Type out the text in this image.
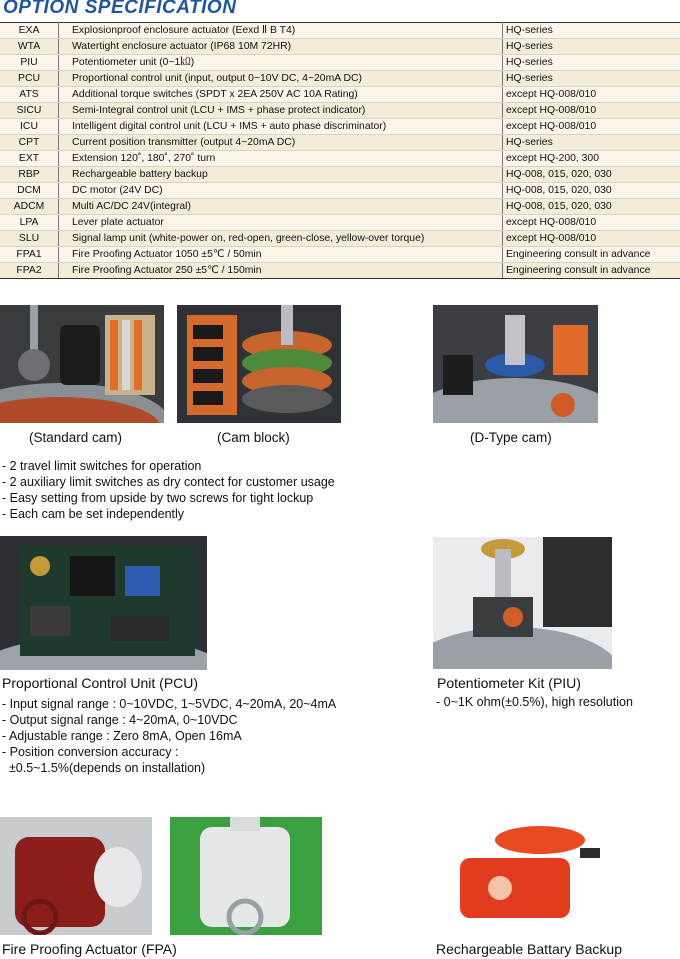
OPTION SPECIFICATION
EXA	Explosionproof enclosure actuator (Eexd Ⅱ B T4)	HQ-series
WTA	Watertight enclosure actuator (IP68 10M 72HR)	HQ-series
PIU	Potentiometer unit (0~1㏀)	HQ-series
PCU	Proportional control unit (input, output 0~10V DC, 4~20mA DC)	HQ-series
ATS	Additional torque switches (SPDT x 2EA 250V AC 10A Rating)	except HQ-008/010
SICU	Semi-Integral control unit (LCU + IMS + phase protect indicator)	except HQ-008/010
ICU	Intelligent digital control unit (LCU + IMS + auto phase discriminator)	except HQ-008/010
CPT	Current position transmitter (output 4~20mA DC)	HQ-series
EXT	Extension 120˚, 180˚, 270˚ turn	except HQ-200, 300
RBP	Rechargeable battery backup	HQ-008, 015, 020, 030
DCM	DC motor (24V DC)	HQ-008, 015, 020, 030
ADCM	Multi AC/DC 24V(integral)	HQ-008, 015, 020, 030
LPA	Lever plate actuator	except HQ-008/010
SLU	Signal lamp unit (white-power on, red-open, green-close, yellow-over torque)	except HQ-008/010
FPA1	Fire Proofing Actuator 1050 ±5℃ / 50min	Engineering consult in advance
FPA2	Fire Proofing Actuator 250 ±5℃ / 150min	Engineering consult in advance
(Standard cam)	(Cam block)	(D-Type cam)
- 2 travel limit switches for operation
- 2 auxiliary limit switches as dry contect for customer usage
- Easy setting from upside by two screws for tight lockup
- Each cam be set independently
Proportional Control Unit (PCU)
- Input signal range : 0~10VDC, 1~5VDC, 4~20mA, 20~4mA
- Output signal range : 4~20mA, 0~10VDC
- Adjustable range : Zero 8mA, Open 16mA
- Position conversion accuracy :
±0.5~1.5%(depends on installation)
Potentiometer Kit (PIU)
- 0~1K ohm(±0.5%), high resolution
Fire Proofing Actuator (FPA)	Rechargeable Battary Backup
